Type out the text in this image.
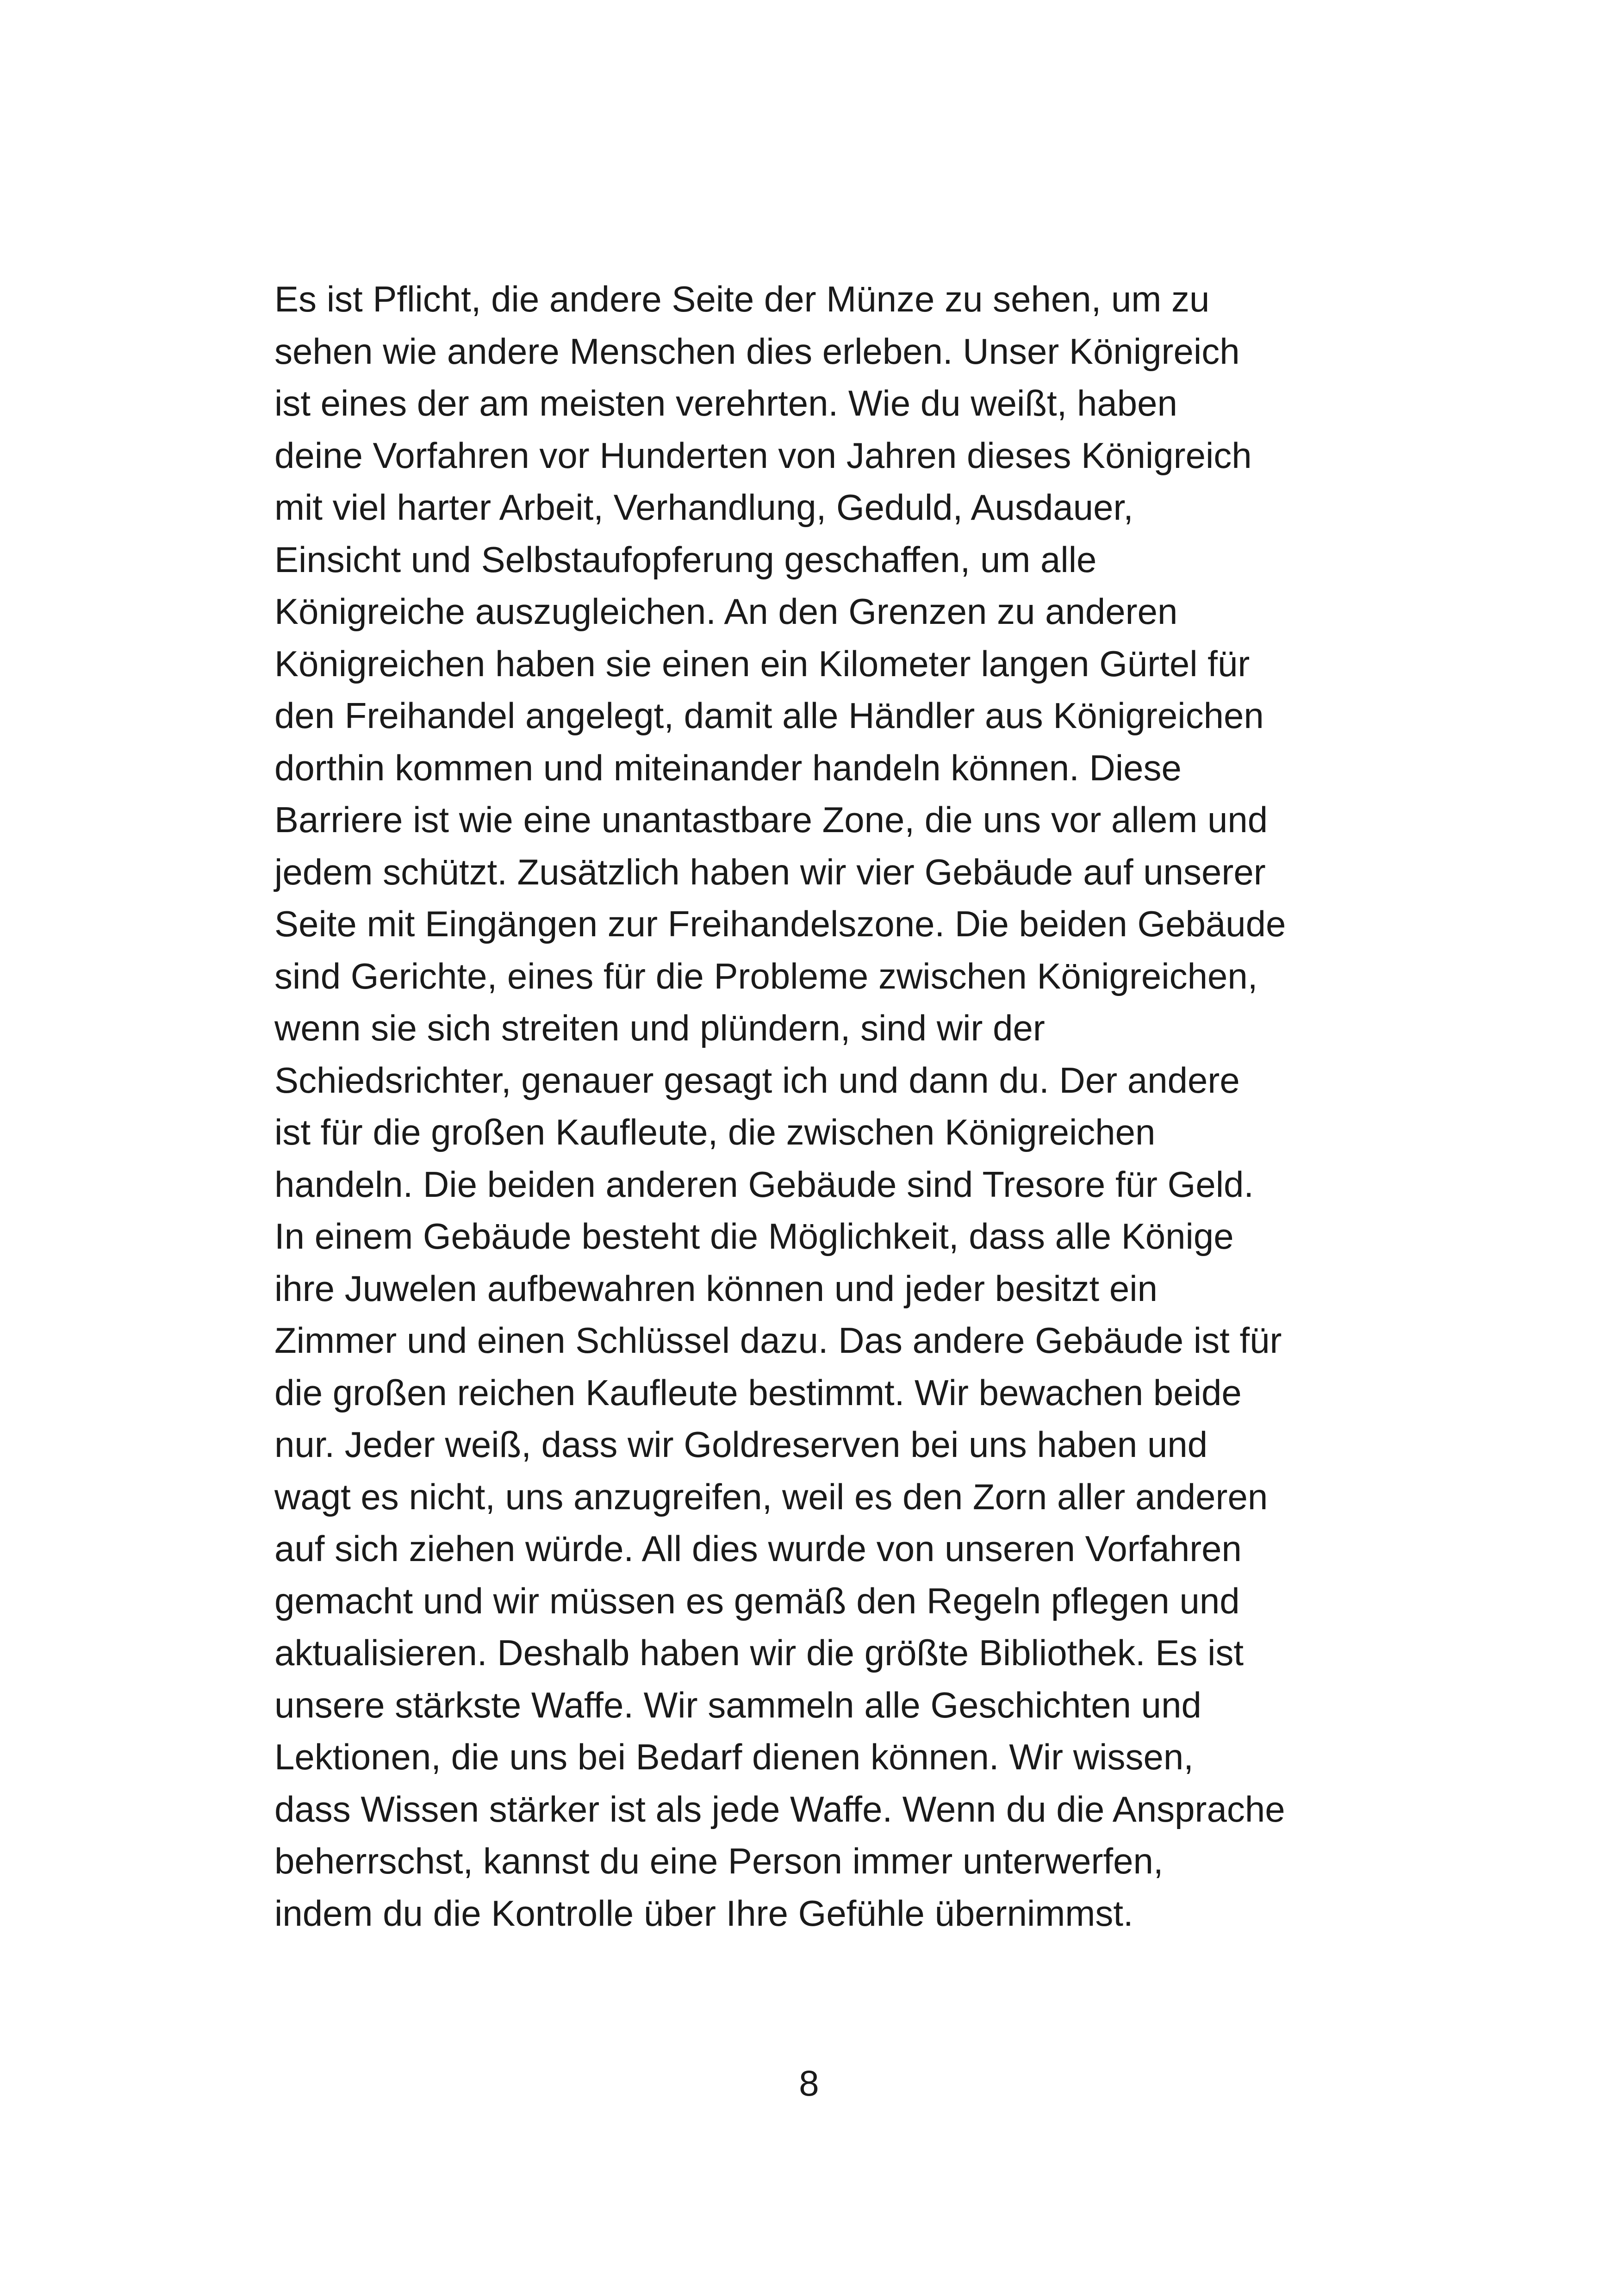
Es ist Pflicht, die andere Seite der Münze zu sehen, um zu
sehen wie andere Menschen dies erleben. Unser Königreich
ist eines der am meisten verehrten. Wie du weißt, haben
deine Vorfahren vor Hunderten von Jahren dieses Königreich
mit viel harter Arbeit, Verhandlung, Geduld, Ausdauer,
Einsicht und Selbstaufopferung geschaffen, um alle
Königreiche auszugleichen. An den Grenzen zu anderen
Königreichen haben sie einen ein Kilometer langen Gürtel für
den Freihandel angelegt, damit alle Händler aus Königreichen
dorthin kommen und miteinander handeln können. Diese
Barriere ist wie eine unantastbare Zone, die uns vor allem und
jedem schützt. Zusätzlich haben wir vier Gebäude auf unserer
Seite mit Eingängen zur Freihandelszone. Die beiden Gebäude
sind Gerichte, eines für die Probleme zwischen Königreichen,
wenn sie sich streiten und plündern, sind wir der
Schiedsrichter, genauer gesagt ich und dann du. Der andere
ist für die großen Kaufleute, die zwischen Königreichen
handeln. Die beiden anderen Gebäude sind Tresore für Geld.
In einem Gebäude besteht die Möglichkeit, dass alle Könige
ihre Juwelen aufbewahren können und jeder besitzt ein
Zimmer und einen Schlüssel dazu. Das andere Gebäude ist für
die großen reichen Kaufleute bestimmt. Wir bewachen beide
nur. Jeder weiß, dass wir Goldreserven bei uns haben und
wagt es nicht, uns anzugreifen, weil es den Zorn aller anderen
auf sich ziehen würde. All dies wurde von unseren Vorfahren
gemacht und wir müssen es gemäß den Regeln pflegen und
aktualisieren. Deshalb haben wir die größte Bibliothek. Es ist
unsere stärkste Waffe. Wir sammeln alle Geschichten und
Lektionen, die uns bei Bedarf dienen können. Wir wissen,
dass Wissen stärker ist als jede Waffe. Wenn du die Ansprache
beherrschst, kannst du eine Person immer unterwerfen,
indem du die Kontrolle über Ihre Gefühle übernimmst.
8
